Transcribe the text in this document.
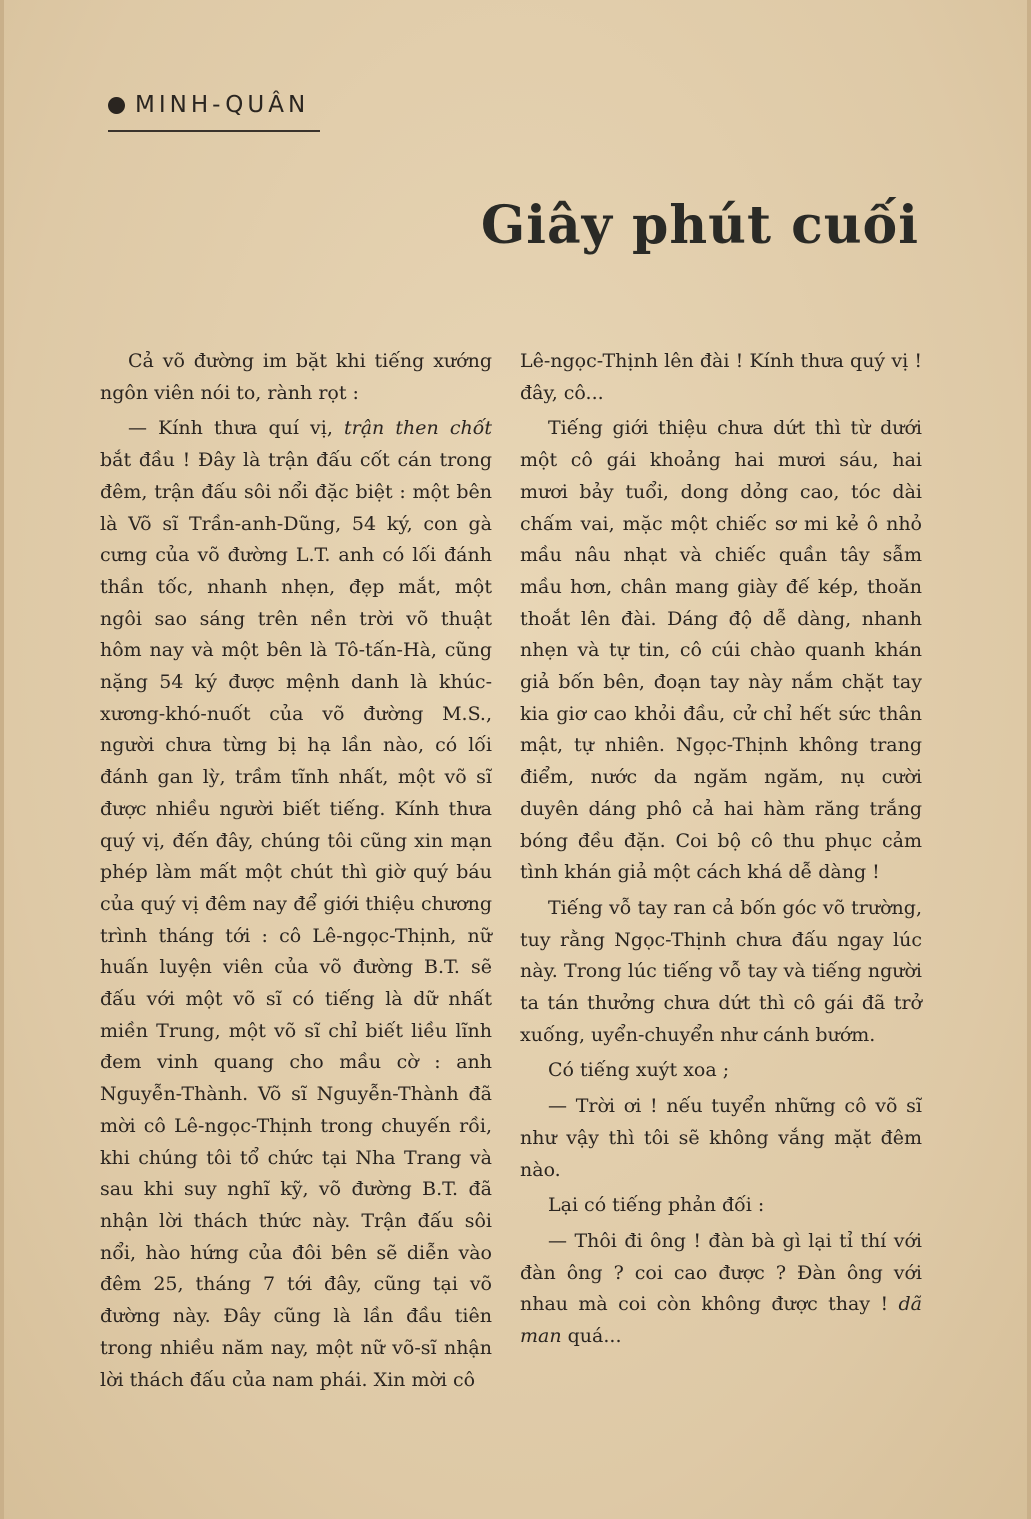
MINH-QUÂN
Giây phút cuối

Cả võ đường im bặt khi tiếng xướng ngôn viên nói to, rành rọt :

— Kính thưa quí vị, trận then chốt bắt đầu ! Đây là trận đấu cốt cán trong đêm, trận đấu sôi nổi đặc biệt : một bên là Võ sĩ Trần-anh-Dũng, 54 ký, con gà cưng của võ đường L.T. anh có lối đánh thần tốc, nhanh nhẹn, đẹp mắt, một ngôi sao sáng trên nền trời võ thuật hôm nay và một bên là Tô-tấn-Hà, cũng nặng 54 ký được mệnh danh là khúc-xương-khó-nuốt của võ đường M.S., người chưa từng bị hạ lần nào, có lối đánh gan lỳ, trầm tĩnh nhất, một võ sĩ được nhiều người biết tiếng. Kính thưa quý vị, đến đây, chúng tôi cũng xin mạn phép làm mất một chút thì giờ quý báu của quý vị đêm nay để giới thiệu chương trình tháng tới : cô Lê-ngọc-Thịnh, nữ huấn luyện viên của võ đường B.T. sẽ đấu với một võ sĩ có tiếng là dữ nhất miền Trung, một võ sĩ chỉ biết liều lĩnh đem vinh quang cho mầu cờ : anh Nguyễn-Thành. Võ sĩ Nguyễn-Thành đã mời cô Lê-ngọc-Thịnh trong chuyến rồi, khi chúng tôi tổ chức tại Nha Trang và sau khi suy nghĩ kỹ, võ đường B.T. đã nhận lời thách thức này. Trận đấu sôi nổi, hào hứng của đôi bên sẽ diễn vào đêm 25, tháng 7 tới đây, cũng tại võ đường này. Đây cũng là lần đầu tiên trong nhiều năm nay, một nữ võ-sĩ nhận lời thách đấu của nam phái. Xin mời cô

Lê-ngọc-Thịnh lên đài ! Kính thưa quý vị ! đây, cô...

Tiếng giới thiệu chưa dứt thì từ dưới một cô gái khoảng hai mươi sáu, hai mươi bảy tuổi, dong dỏng cao, tóc dài chấm vai, mặc một chiếc sơ mi kẻ ô nhỏ mầu nâu nhạt và chiếc quần tây sẫm mầu hơn, chân mang giày đế kép, thoăn thoắt lên đài. Dáng độ dễ dàng, nhanh nhẹn và tự tin, cô cúi chào quanh khán giả bốn bên, đoạn tay này nắm chặt tay kia giơ cao khỏi đầu, cử chỉ hết sức thân mật, tự nhiên. Ngọc-Thịnh không trang điểm, nước da ngăm ngăm, nụ cười duyên dáng phô cả hai hàm răng trắng bóng đều đặn. Coi bộ cô thu phục cảm tình khán giả một cách khá dễ dàng !

Tiếng vỗ tay ran cả bốn góc võ trường, tuy rằng Ngọc-Thịnh chưa đấu ngay lúc này. Trong lúc tiếng vỗ tay và tiếng người ta tán thưởng chưa dứt thì cô gái đã trở xuống, uyển-chuyển như cánh bướm.

Có tiếng xuýt xoa ;

— Trời ơi ! nếu tuyển những cô võ sĩ như vậy thì tôi sẽ không vắng mặt đêm nào.

Lại có tiếng phản đối :

— Thôi đi ông ! đàn bà gì lại tỉ thí với đàn ông ? coi cao được ? Đàn ông với nhau mà coi còn không được thay ! dã man quá...
